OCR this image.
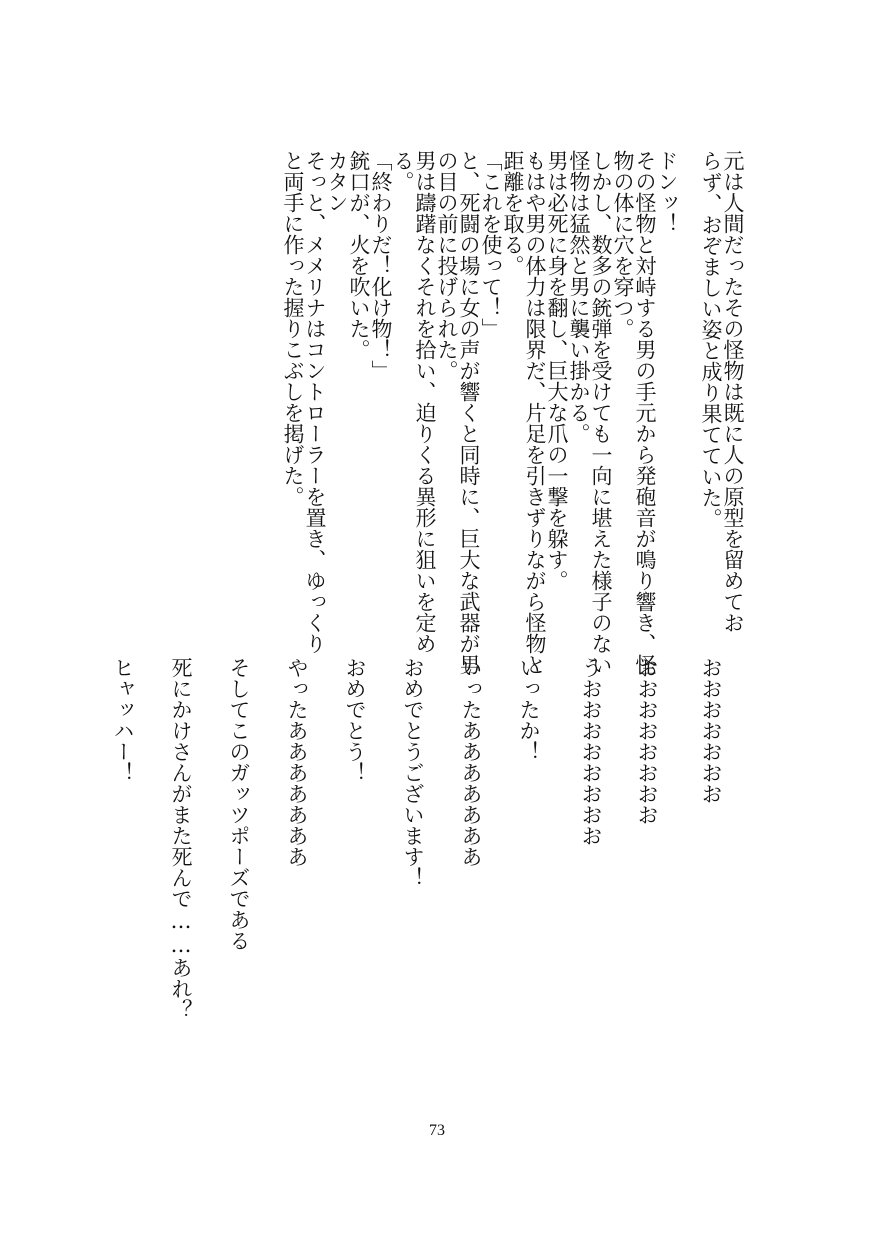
元は人間だったその怪物は既に人の原型を留めてお
ら
ず、おぞましい姿と成り果てていた。
ドンッ！
その怪物と対峙する男の手元から発砲音が鳴り響き、怪
物の体に穴を穿つ。
しかし、数多の銃弾を受けても一向に堪えた様子のない
怪物は猛然と男に襲い掛かる。
男は必死に身を翻し、巨大な爪の一撃を躱す。
もはや男の体力は限界だ、片足を引きずりながら怪物と
距離を取る。
「これを使って！」
と、死闘の場に女の声が響くと同時に、巨大な武器が男
の目の前に投げられた。
男は躊躇なくそれを拾い、迫りくる異形に狙いを定め
る。
「終わりだ！化け物！」
銃口が、火を吹いた。
カタン
そっと、メメリナはコントローラーを置き、ゆっくり
と両手に作った握りこぶしを掲げた。
おおおおおおお
おおおおおおおお
うおおおおおおおお
いったか！
いったあああああああ
おめでとうございます！
おめでとう！
やったあああああああ
そしてこのガッツポーズである
死にかけさんがまた死んで……あれ？
ヒャッハー！
73
